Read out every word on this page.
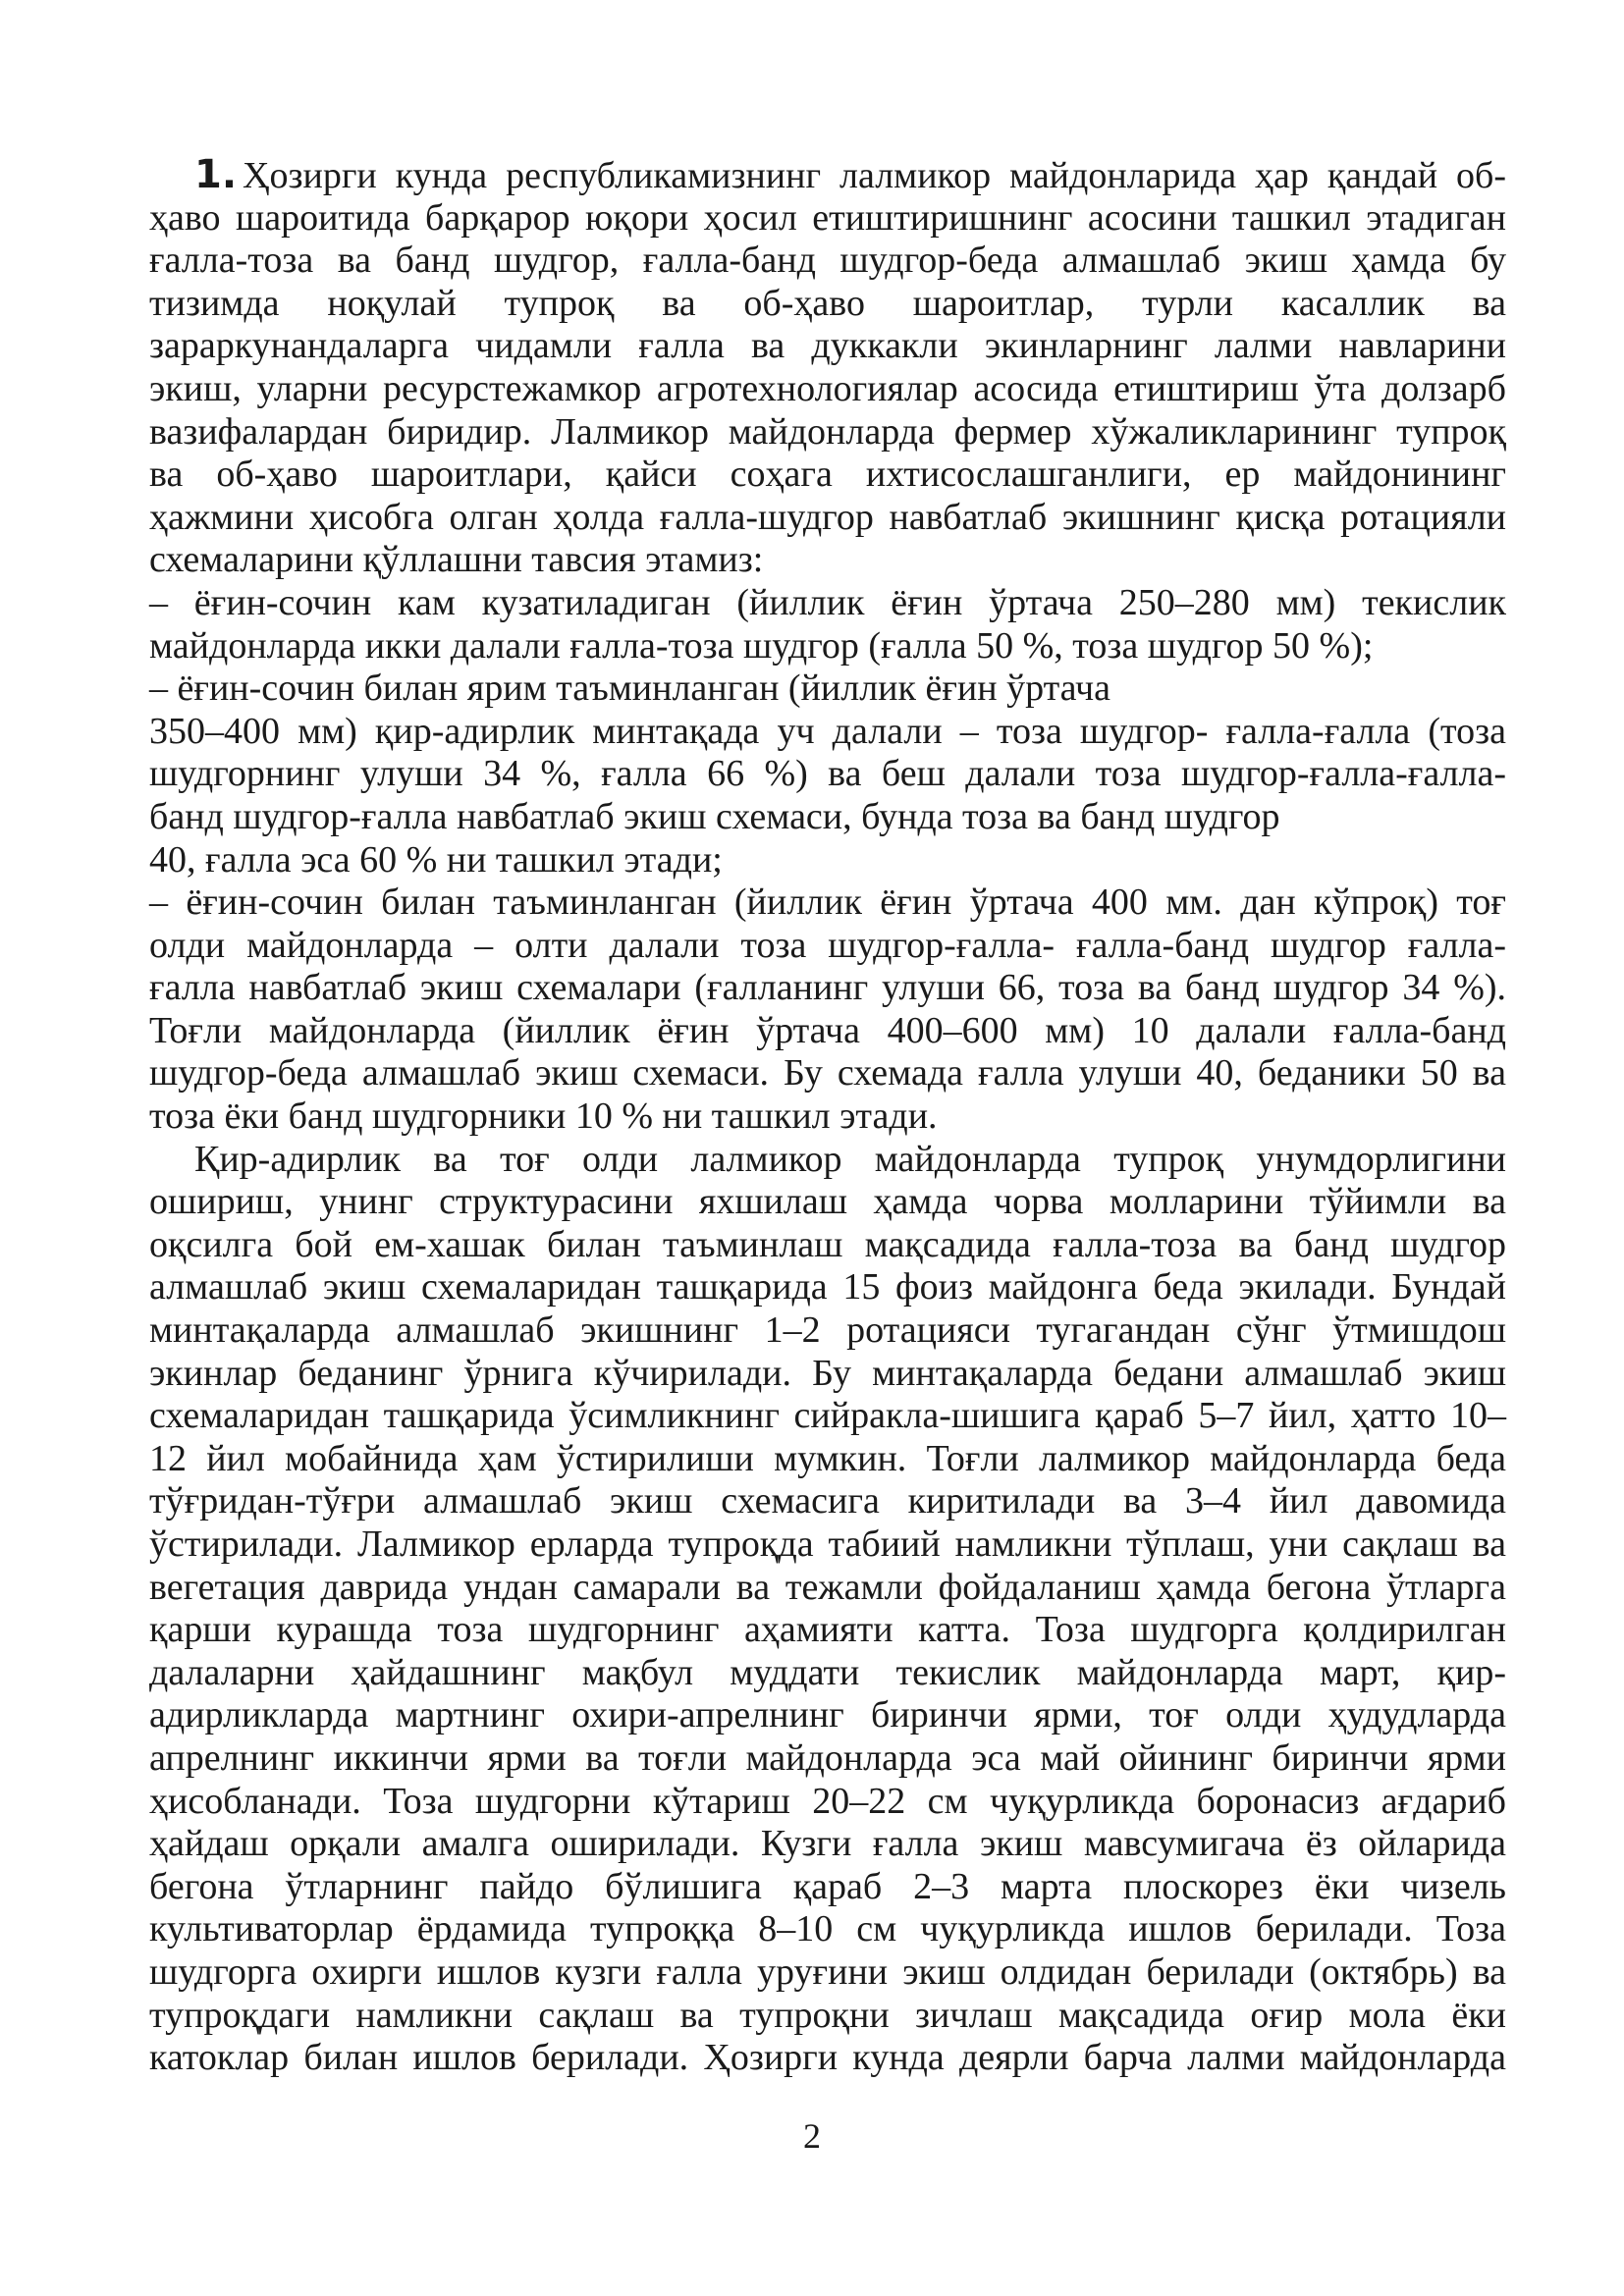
1. Ҳозирги кунда республикамизнинг лалмикор майдонларида ҳар қандай об-
ҳаво шароитида барқарор юқори ҳосил етиштиришнинг асосини ташкил этадиган
ғалла-тоза ва банд шудгор, ғалла-банд шудгор-беда алмашлаб экиш ҳамда бу
тизимда ноқулай тупроқ ва об-ҳаво шароитлар, турли касаллик ва
зараркунандаларга чидамли ғалла ва дуккакли экинларнинг лалми навларини
экиш, уларни ресурстежамкор агротехнологиялар асосида етиштириш ўта долзарб
вазифалардан биридир. Лалмикор майдонларда фермер хўжаликларининг тупроқ
ва об-ҳаво шароитлари, қайси соҳага ихтисослашганлиги, ер майдонининг
ҳажмини ҳисобга олган ҳолда ғалла-шудгор навбатлаб экишнинг қисқа ротацияли
схемаларини қўллашни тавсия этамиз:
– ёғин-сочин кам кузатиладиган (йиллик ёғин ўртача 250–280 мм) текислик
майдонларда икки далали ғалла-тоза шудгор (ғалла 50 %, тоза шудгор 50 %);
– ёғин-сочин билан ярим таъминланган (йиллик ёғин ўртача
350–400 мм) қир-адирлик минтақада уч далали – тоза шудгор- ғалла-ғалла (тоза
шудгорнинг улуши 34 %, ғалла 66 %) ва беш далали тоза шудгор-ғалла-ғалла-
банд шудгор-ғалла навбатлаб экиш схемаси, бунда тоза ва банд шудгор
40, ғалла эса 60 % ни ташкил этади;
– ёғин-сочин билан таъминланган (йиллик ёғин ўртача 400 мм. дан кўпроқ) тоғ
олди майдонларда – олти далали тоза шудгор-ғалла- ғалла-банд шудгор ғалла-
ғалла навбатлаб экиш схемалари (ғалланинг улуши 66, тоза ва банд шудгор 34 %).
Тоғли майдонларда (йиллик ёғин ўртача 400–600 мм) 10 далали ғалла-банд
шудгор-беда алмашлаб экиш схемаси. Бу схемада ғалла улуши 40, беданики 50 ва
тоза ёки банд шудгорники 10 % ни ташкил этади.
Қир-адирлик ва тоғ олди лалмикор майдонларда тупроқ унумдорлигини
ошириш, унинг структурасини яхшилаш ҳамда чорва молларини тўйимли ва
оқсилга бой ем-хашак билан таъминлаш мақсадида ғалла-тоза ва банд шудгор
алмашлаб экиш схемаларидан ташқарида 15 фоиз майдонга беда экилади. Бундай
минтақаларда алмашлаб экишнинг 1–2 ротацияси тугагандан сўнг ўтмишдош
экинлар беданинг ўрнига кўчирилади. Бу минтақаларда бедани алмашлаб экиш
схемаларидан ташқарида ўсимликнинг сийракла-шишига қараб 5–7 йил, ҳатто 10–
12 йил мобайнида ҳам ўстирилиши мумкин. Тоғли лалмикор майдонларда беда
тўғридан-тўғри алмашлаб экиш схемасига киритилади ва 3–4 йил давомида
ўстирилади. Лалмикор ерларда тупроқда табиий намликни тўплаш, уни сақлаш ва
вегетация даврида ундан самарали ва тежамли фойдаланиш ҳамда бегона ўтларга
қарши курашда тоза шудгорнинг аҳамияти катта. Тоза шудгорга қолдирилган
далаларни ҳайдашнинг мақбул муддати текислик майдонларда март, қир-
адирликларда мартнинг охири-апрелнинг биринчи ярми, тоғ олди ҳудудларда
апрелнинг иккинчи ярми ва тоғли майдонларда эса май ойининг биринчи ярми
ҳисобланади. Тоза шудгорни кўтариш 20–22 см чуқурликда боронасиз ағдариб
ҳайдаш орқали амалга оширилади. Кузги ғалла экиш мавсумигача ёз ойларида
бегона ўтларнинг пайдо бўлишига қараб 2–3 марта плоскорез ёки чизель
культиваторлар ёрдамида тупроққа 8–10 см чуқурликда ишлов берилади. Тоза
шудгорга охирги ишлов кузги ғалла уруғини экиш олдидан берилади (октябрь) ва
тупроқдаги намликни сақлаш ва тупроқни зичлаш мақсадида оғир мола ёки
катоклар билан ишлов берилади. Ҳозирги кунда деярли барча лалми майдонларда
2
